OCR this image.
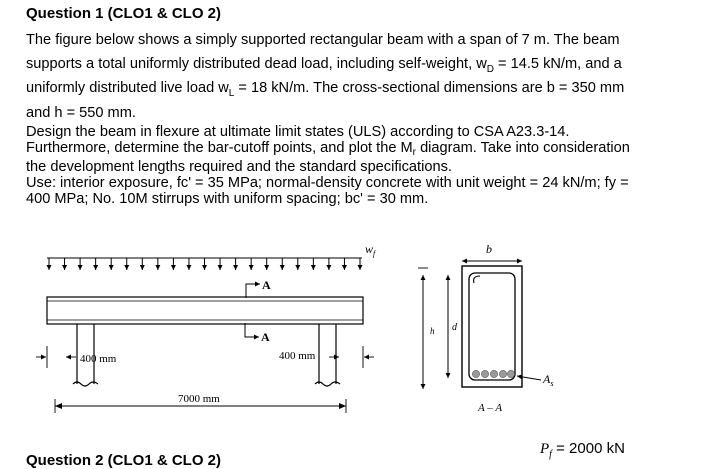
Question 1 (CLO1 & CLO 2)
The figure below shows a simply supported rectangular beam with a span of 7 m. The beam
supports a total uniformly distributed dead load, including self-weight, $w_D = 14.5$ kN/m, and a
uniformly distributed live load $w_L = 18$ kN/m. The cross-sectional dimensions are b = 350 mm
and h = 550 mm.
Design the beam in flexure at ultimate limit states (ULS) according to CSA A23.3-14.
Furthermore, determine the bar-cutoff points, and plot the $M_r$ diagram. Take into consideration
the development lengths required and the standard specifications.
Use: interior exposure, fc' = 35 MPa; normal-density concrete with unit weight = 24 kN/m; fy =
400 MPa; No. 10M stirrups with uniform spacing; bc' = 30 mm.
$w_f$
A
A
400 mm	400 mm
7000 mm
b
$A_s$
h d
A – A
Question 2 (CLO1 & CLO 2)
$P_f = 2000$ kN
